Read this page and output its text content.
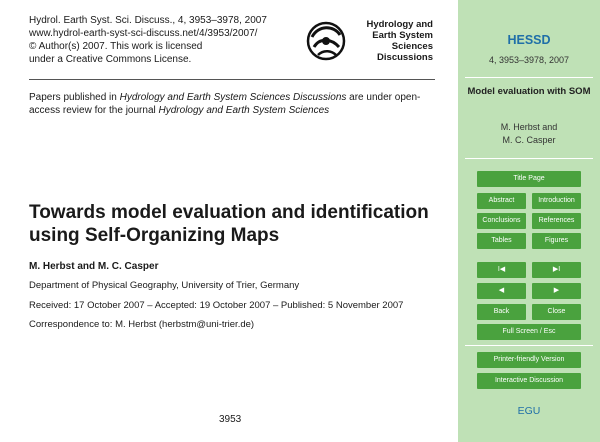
Hydrol. Earth Syst. Sci. Discuss., 4, 3953–3978, 2007
www.hydrol-earth-syst-sci-discuss.net/4/3953/2007/
© Author(s) 2007. This work is licensed
under a Creative Commons License.
Hydrology and
Earth System
Sciences
Discussions
Papers published in Hydrology and Earth System Sciences Discussions are under open-access review for the journal Hydrology and Earth System Sciences
Towards model evaluation and identification using Self-Organizing Maps
M. Herbst and M. C. Casper
Department of Physical Geography, University of Trier, Germany
Received: 17 October 2007 – Accepted: 19 October 2007 – Published: 5 November 2007
Correspondence to: M. Herbst (herbstm@uni-trier.de)
3953
HESSD
4, 3953–3978, 2007
Model evaluation with SOM
M. Herbst and
M. C. Casper
Title Page
Abstract	Introduction
Conclusions	References
Tables	Figures
I◀	▶I
◀	▶
Back	Close
Full Screen / Esc
Printer-friendly Version
Interactive Discussion
EGU
